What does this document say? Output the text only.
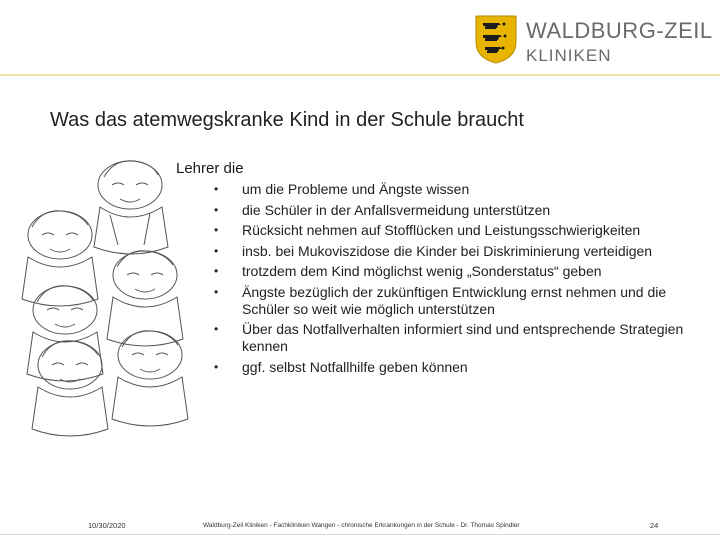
WALDBURG-ZEIL
KLINIKEN
Was das atemwegskranke Kind in der Schule braucht
Lehrer die
• um die Probleme und Ängste wissen
• die Schüler in der Anfallsvermeidung unterstützen
• Rücksicht nehmen auf Stofflücken und Leistungsschwierigkeiten
• insb. bei Mukoviszidose die Kinder bei Diskriminierung verteidigen
• trotzdem dem Kind möglichst wenig „Sonderstatus“ geben
• Ängste bezüglich der zukünftigen Entwicklung ernst nehmen und die Schüler so weit wie möglich unterstützen
• Über das Notfallverhalten informiert sind und entsprechende Strategien kennen
• ggf. selbst Notfallhilfe geben können
10/30/2020	Waldburg-Zeil Kliniken - Fachkliniken Wangen - chronische Erkrankungen in der Schule - Dr. Thomas Spindler	24
